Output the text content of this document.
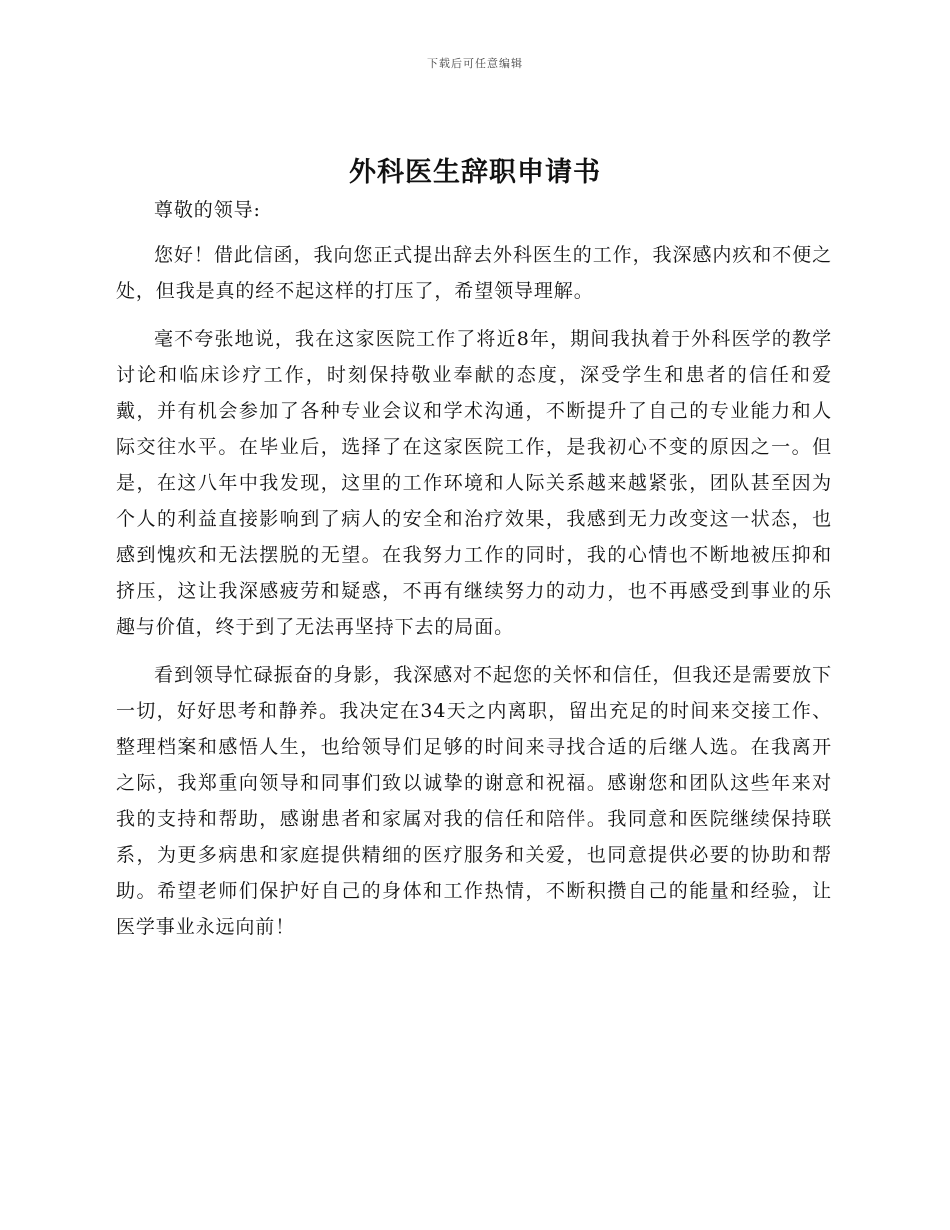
下载后可任意编辑
外科医生辞职申请书

尊敬的领导:

您好！借此信函，我向您正式提出辞去外科医生的工作，我深感内疚和不便之处，但我是真的经不起这样的打压了，希望领导理解。

毫不夸张地说，我在这家医院工作了将近8年，期间我执着于外科医学的教学讨论和临床诊疗工作，时刻保持敬业奉献的态度，深受学生和患者的信任和爱戴，并有机会参加了各种专业会议和学术沟通，不断提升了自己的专业能力和人际交往水平。在毕业后，选择了在这家医院工作，是我初心不变的原因之一。但是，在这八年中我发现，这里的工作环境和人际关系越来越紧张，团队甚至因为个人的利益直接影响到了病人的安全和治疗效果，我感到无力改变这一状态，也感到愧疚和无法摆脱的无望。在我努力工作的同时，我的心情也不断地被压抑和挤压，这让我深感疲劳和疑惑，不再有继续努力的动力，也不再感受到事业的乐趣与价值，终于到了无法再坚持下去的局面。

看到领导忙碌振奋的身影，我深感对不起您的关怀和信任，但我还是需要放下一切，好好思考和静养。我决定在34天之内离职，留出充足的时间来交接工作、整理档案和感悟人生，也给领导们足够的时间来寻找合适的后继人选。在我离开之际，我郑重向领导和同事们致以诚挚的谢意和祝福。感谢您和团队这些年来对我的支持和帮助，感谢患者和家属对我的信任和陪伴。我同意和医院继续保持联系，为更多病患和家庭提供精细的医疗服务和关爱，也同意提供必要的协助和帮助。希望老师们保护好自己的身体和工作热情，不断积攒自己的能量和经验，让医学事业永远向前！
